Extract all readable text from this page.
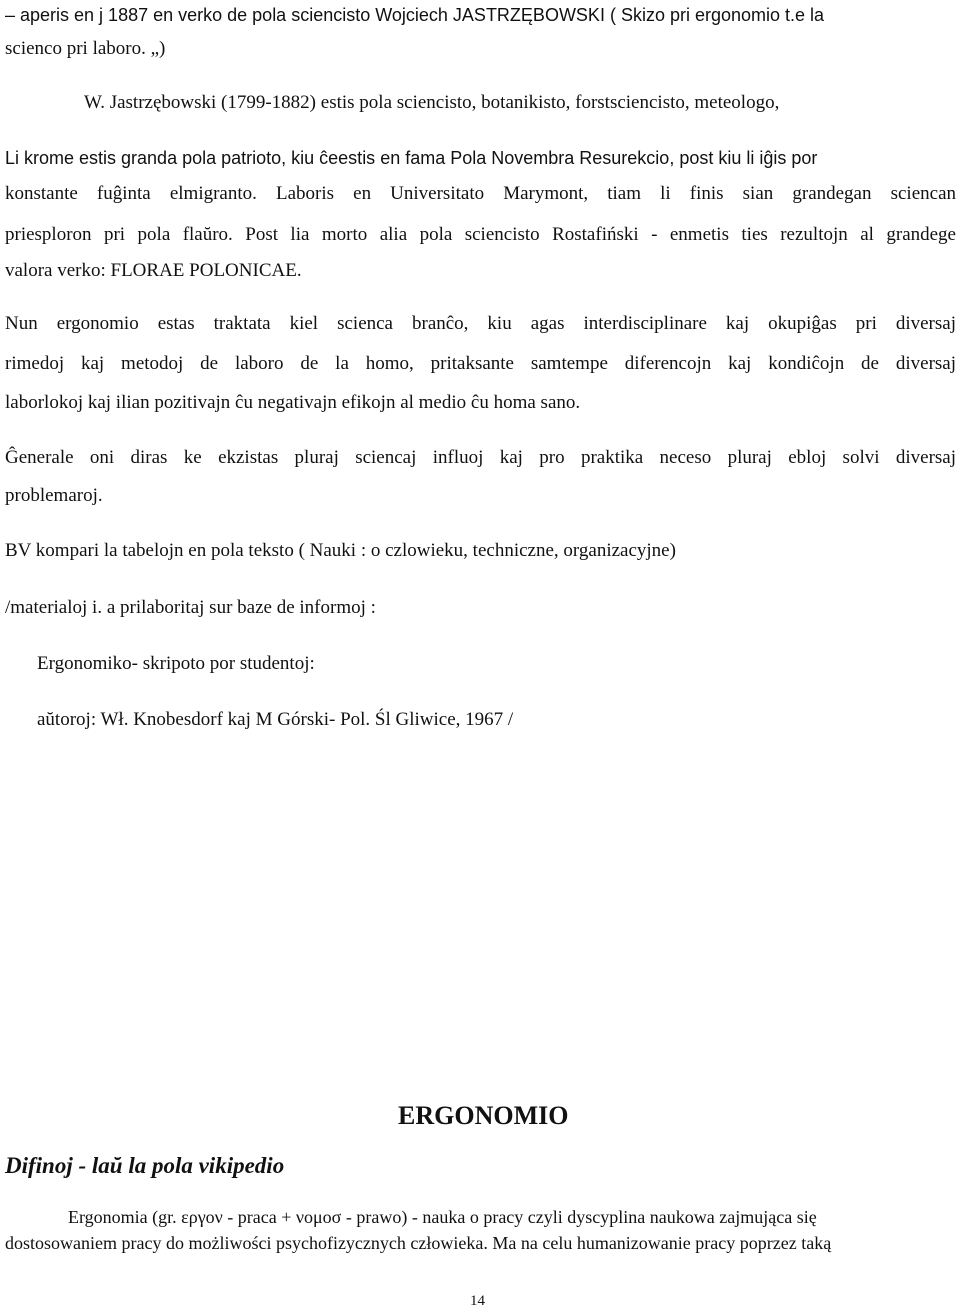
– aperis en j 1887 en verko de pola sciencisto Wojciech JASTRZĘBOWSKI ( Skizo pri ergonomio t.e la
scienco pri laboro. „)
W. Jastrzębowski (1799-1882) estis pola sciencisto, botanikisto, forstsciencisto, meteologo,
Li krome estis granda pola patrioto, kiu ĉeestis en fama Pola Novembra Resurekcio, post kiu li iĝis por
konstante fuĝinta elmigranto. Laboris en Universitato Marymont, tiam li finis sian grandegan sciencan
priesploron pri pola flaŭro. Post lia morto alia pola sciencisto Rostafiński - enmetis ties rezultojn al grandege
valora verko: FLORAE POLONICAE.
Nun ergonomio estas traktata kiel scienca branĉo, kiu agas interdisciplinare kaj okupiĝas pri diversaj
rimedoj kaj metodoj de laboro de la homo, pritaksante samtempe diferencojn kaj kondiĉojn de diversaj
laborlokoj kaj ilian pozitivajn ĉu negativajn efikojn al medio ĉu homa sano.
Ĝenerale oni diras ke ekzistas pluraj sciencaj influoj kaj pro praktika neceso pluraj ebloj solvi diversaj
problemaroj.
BV kompari la tabelojn en pola teksto ( Nauki : o czlowieku, techniczne, organizacyjne)
/materialoj i. a prilaboritaj sur baze de informoj :
Ergonomiko- skripoto por studentoj:
aŭtoroj: Wł. Knobesdorf kaj M Górski- Pol. Śl Gliwice, 1967 /
ERGONOMIO
Difinoj - laŭ la pola vikipedio
Ergonomia (gr. εργον - praca + νομοσ - prawo) - nauka o pracy czyli dyscyplina naukowa zajmująca się
dostosowaniem pracy do możliwości psychofizycznych człowieka. Ma na celu humanizowanie pracy poprzez taką
14
